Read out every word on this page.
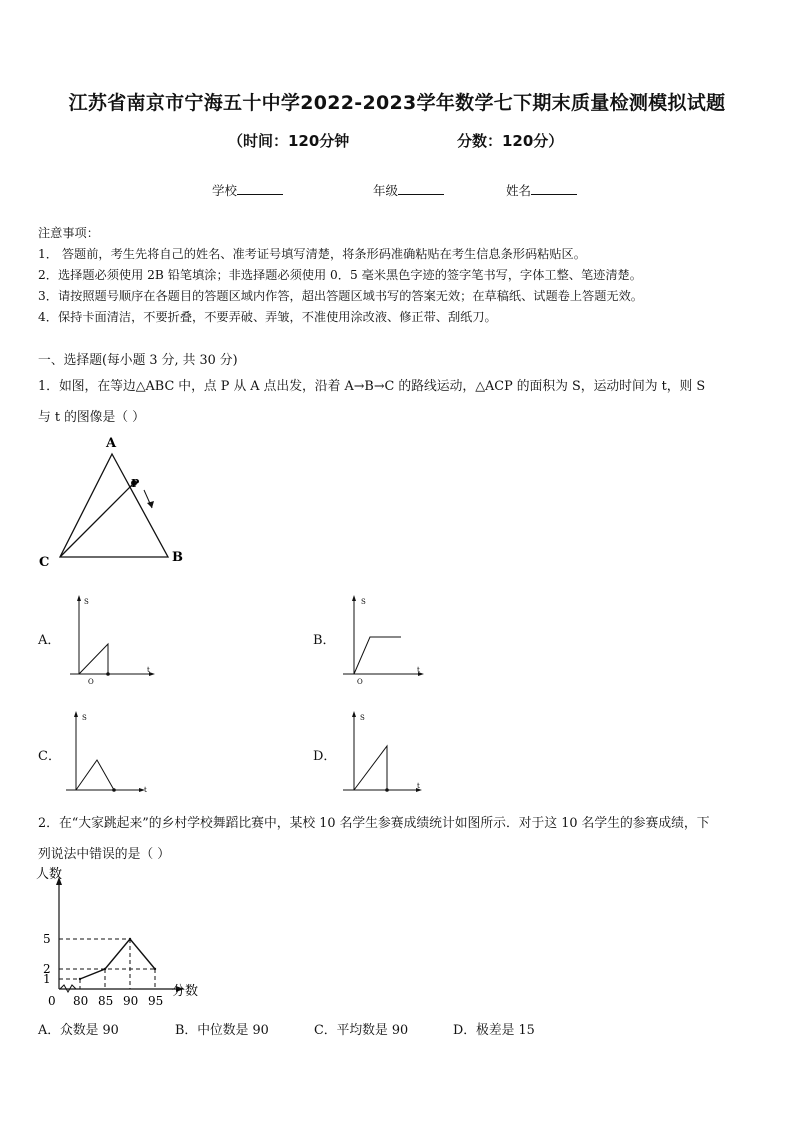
江苏省南京市宁海五十中学2022-2023学年数学七下期末质量检测模拟试题
（时间：120分钟	分数：120分）
学校	年级	姓名
注意事项：
1． 答题前，考生先将自己的姓名、准考证号填写清楚，将条形码准确粘贴在考生信息条形码粘贴区。
2．选择题必须使用 2B 铅笔填涂；非选择题必须使用 0．5 毫米黑色字迹的签字笔书写，字体工整、笔迹清楚。
3．请按照题号顺序在各题目的答题区域内作答，超出答题区域书写的答案无效；在草稿纸、试题卷上答题无效。
4．保持卡面清洁，不要折叠，不要弄破、弄皱，不准使用涂改液、修正带、刮纸刀。
一、选择题(每小题 3 分, 共 30 分)
1．如图，在等边△ABC 中，点 P 从 A 点出发，沿着 A→B→C 的路线运动，△ACP 的面积为 S，运动时间为 t，则 S
与 t 的图像是（ ）
A
B
C
P
A．
S
t
O
B．
S
t
O
C．
S
t
D．
S
t
2．在“大家跳起来”的乡村学校舞蹈比赛中，某校 10 名学生参赛成绩统计如图所示．对于这 10 名学生的参赛成绩，下
列说法中错误的是（ ）
人数
分数
0
1
2
5
80 85 90 95
A．众数是 90	B．中位数是 90	C．平均数是 90	D．极差是 15
